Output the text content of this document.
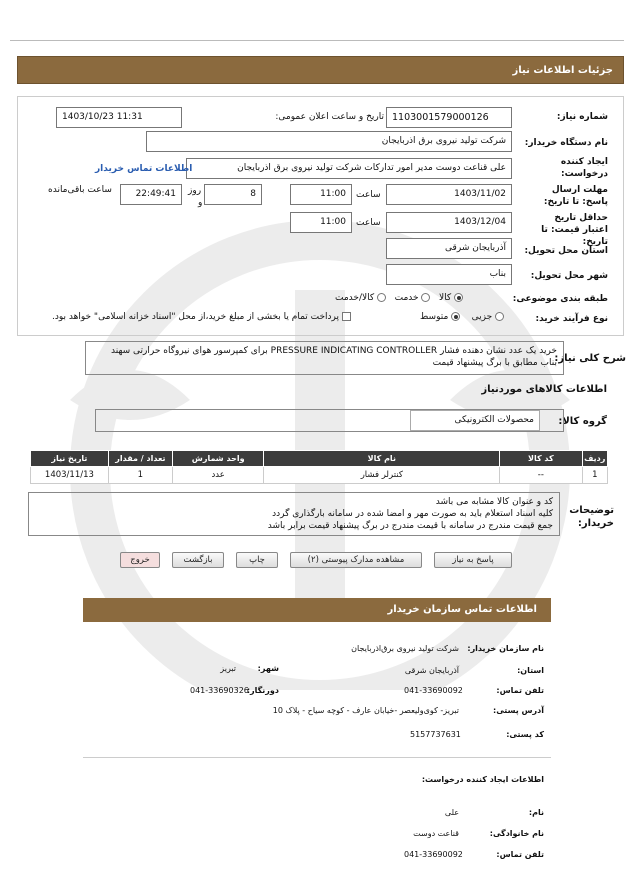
جزئیات اطلاعات نیاز
شماره نیاز:
1103001579000126
تاریخ و ساعت اعلان عمومی:
1403/10/23 11:31
نام دستگاه خریدار:
شرکت تولید نیروی برق اذربایجان
ایجاد کننده درخواست:
علی قناعت دوست مدیر امور تدارکات شرکت تولید نیروی برق اذربایجان
اطلاعات تماس خریدار
مهلت ارسال پاسخ: تا تاریخ:
1403/11/02
ساعت
11:00
8
روز
و
22:49:41
ساعت باقی‌مانده
حداقل تاریخ اعتبار قیمت: تا تاریخ:
1403/12/04
ساعت
11:00
استان محل تحویل:
آذربایجان شرقی
شهر محل تحویل:
بناب
طبقه بندی موضوعی:
کالا    خدمت    کالا/خدمت
نوع فرآیند خرید:
جزیی     متوسط
پرداخت تمام یا بخشی از مبلغ خرید،از محل "اسناد خزانه اسلامی" خواهد بود.
خرید یک عدد نشان دهنده فشار PRESSURE INDICATING CONTROLLER برای کمپرسور هوای نیروگاه حرارتی سهند بناب مطابق با برگ پیشنهاد قیمت
شرح کلی نیاز:
اطلاعات کالاهای موردنیاز
گروه کالا:
محصولات الکترونیکی
ردیف	کد کالا	نام کالا	واحد شمارش	تعداد / مقدار	تاریخ نیاز
1	--	کنترلر فشار	عدد	1	1403/11/13
کد و عنوان کالا مشابه می باشد
کلیه اسناد استعلام باید به صورت مهر و امضا شده در سامانه بارگذاری گردد
جمع قیمت مندرج در سامانه با قیمت مندرج در برگ پیشنهاد قیمت برابر باشد
توضیحات خریدار:
پاسخ به نیاز
مشاهده مدارک پیوستی (٢)
چاپ
بازگشت
خروج
اطلاعات تماس سازمان خریدار
نام سازمان خریدار:
شرکت تولید نیروی برق‌اذربایجان
استان:
آذربایجان شرقی
شهر:
تبریز
تلفن تماس:
041-33690092
دورنگار:
041-33690326
آدرس پستی:
تبریز- کوی‌ولیعصر -خیابان عارف - کوچه سیاح - پلاک 10
کد پستی:
5157737631
اطلاعات ایجاد کننده درخواست:
نام:
علی
نام خانوادگی:
قناعت دوست
تلفن تماس:
041-33690092
